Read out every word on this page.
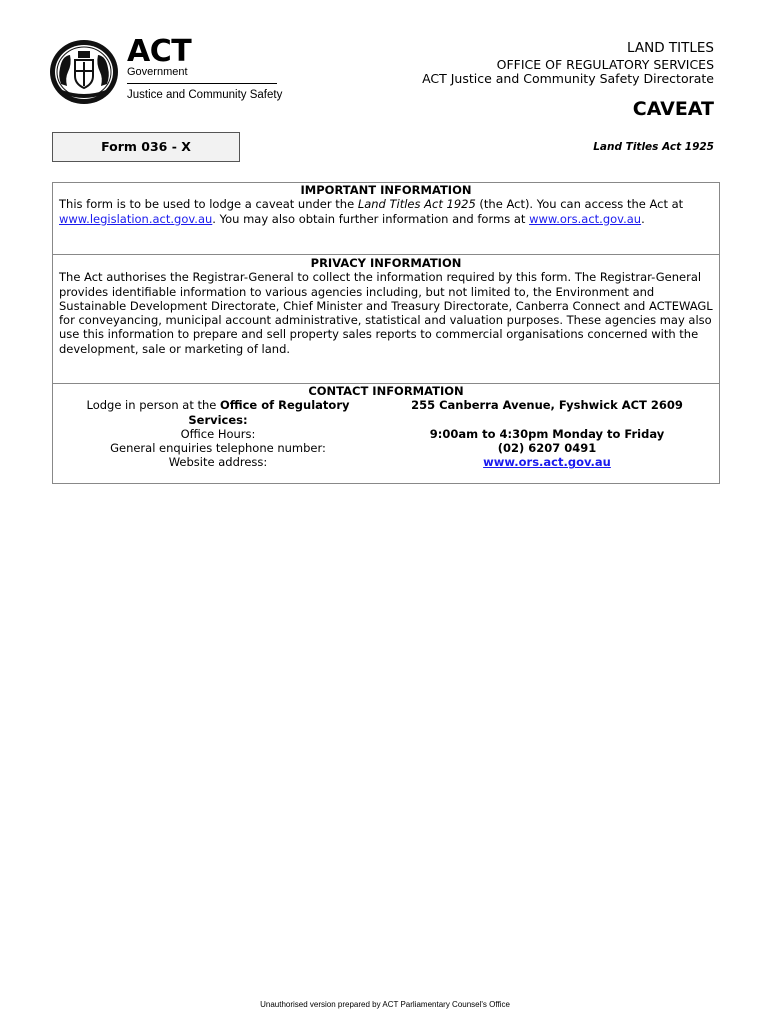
ACT
Government
Justice and Community Safety
LAND TITLES
OFFICE OF REGULATORY SERVICES
ACT Justice and Community Safety Directorate
CAVEAT
Land Titles Act 1925
Form 036 - X
IMPORTANT INFORMATION
This form is to be used to lodge a caveat under the Land Titles Act 1925 (the Act). You can access the Act at www.legislation.act.gov.au. You may also obtain further information and forms at www.ors.act.gov.au.
PRIVACY INFORMATION
The Act authorises the Registrar-General to collect the information required by this form. The Registrar-General provides identifiable information to various agencies including, but not limited to, the Environment and Sustainable Development Directorate, Chief Minister and Treasury Directorate, Canberra Connect and ACTEWAGL for conveyancing, municipal account administrative, statistical and valuation purposes. These agencies may also use this information to prepare and sell property sales reports to commercial organisations concerned with the development, sale or marketing of land.
CONTACT INFORMATION
Lodge in person at the Office of Regulatory Services:
255 Canberra Avenue, Fyshwick ACT 2609
Office Hours:	9:00am to 4:30pm Monday to Friday
General enquiries telephone number:	(02) 6207 0491
Website address:	www.ors.act.gov.au
Unauthorised version prepared by ACT Parliamentary Counsel's Office
